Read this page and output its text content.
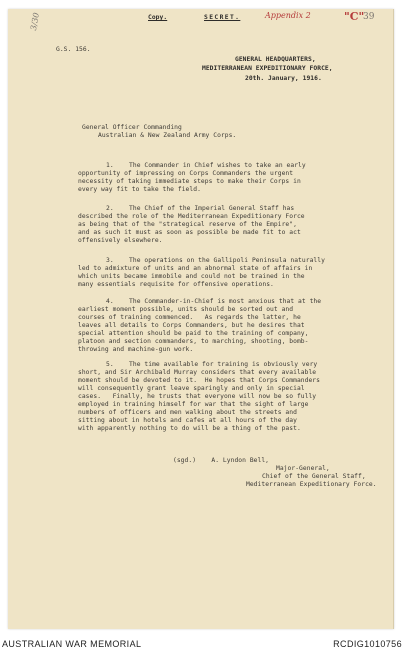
3/30	Copy.	SECRET.	Appendix 2	"C"
39
G.S. 156.
GENERAL HEADQUARTERS,
MEDITERRANEAN EXPEDITIONARY FORCE,
20th. January, 1916.
General Officer Commanding
Australian & New Zealand Army Corps.
1.    The Commander in Chief wishes to take an early
opportunity of impressing on Corps Commanders the urgent
necessity of taking immediate steps to make their Corps in
every way fit to take the field.
2.    The Chief of the Imperial General Staff has
described the role of the Mediterranean Expeditionary Force
as being that of the "strategical reserve of the Empire",
and as such it must as soon as possible be made fit to act
offensively elsewhere.
3.    The operations on the Gallipoli Peninsula naturally
led to admixture of units and an abnormal state of affairs in
which units became immobile and could not be trained in the
many essentials requisite for offensive operations.
4.    The Commander-in-Chief is most anxious that at the
earliest moment possible, units should be sorted out and
courses of training commenced.   As regards the latter, he
leaves all details to Corps Commanders, but he desires that
special attention should be paid to the training of company,
platoon and section commanders, to marching, shooting, bomb-
throwing and machine-gun work.
5.    The time available for training is obviously very
short, and Sir Archibald Murray considers that every available
moment should be devoted to it.  He hopes that Corps Commanders
will consequently grant leave sparingly and only in special
cases.   Finally, he trusts that everyone will now be so fully
employed in training himself for war that the sight of large
numbers of officers and men walking about the streets and
sitting about in hotels and cafes at all hours of the day
with apparently nothing to do will be a thing of the past.
(sgd.)    A. Lyndon Bell,
Major-General,
Chief of the General Staff,
Mediterranean Expeditionary Force.
AUSTRALIAN WAR MEMORIAL	RCDIG1010756
